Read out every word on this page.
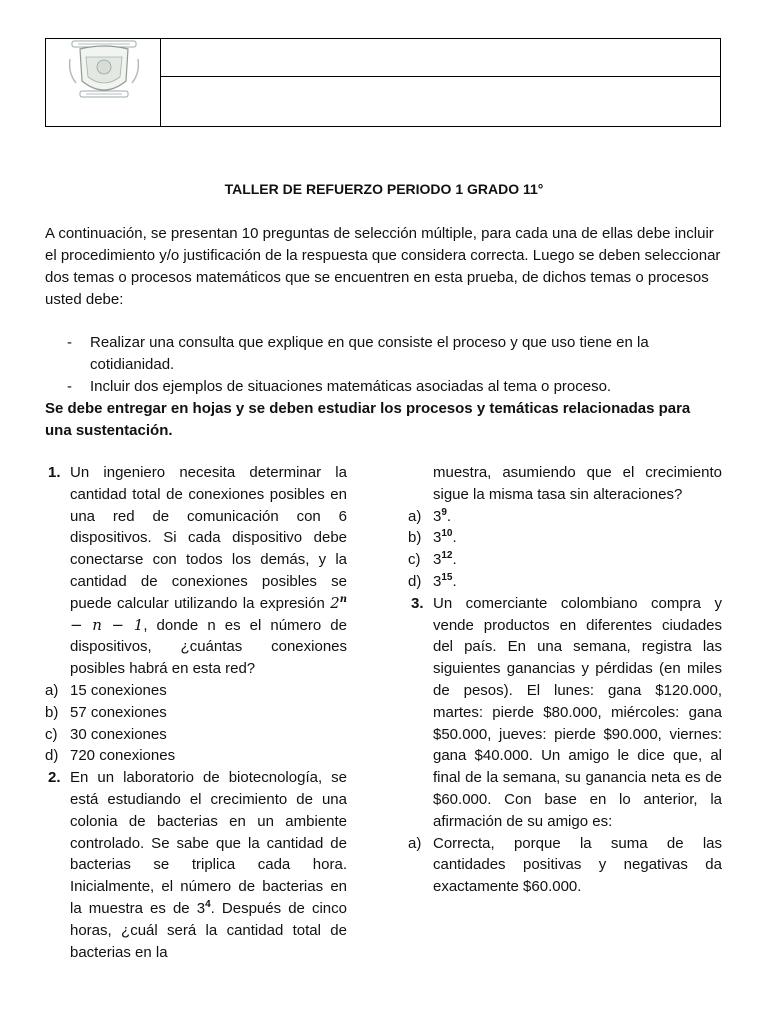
TALLER DE REFUERZO PERIODO 1 GRADO 11°

A continuación, se presentan 10 preguntas de selección múltiple, para cada una de ellas debe incluir el procedimiento y/o justificación de la respuesta que considera correcta. Luego se deben seleccionar dos temas o procesos matemáticos que se encuentren en esta prueba, de dichos temas o procesos usted debe:

- Realizar una consulta que explique en que consiste el proceso y que uso tiene en la cotidianidad.
- Incluir dos ejemplos de situaciones matemáticas asociadas al tema o proceso.

Se debe entregar en hojas y se deben estudiar los procesos y temáticas relacionadas para una sustentación.

1. Un ingeniero necesita determinar la cantidad total de conexiones posibles en una red de comunicación con 6 dispositivos. Si cada dispositivo debe conectarse con todos los demás, y la cantidad de conexiones posibles se puede calcular utilizando la expresión $2^n - n - 1$, donde n es el número de dispositivos, ¿cuántas conexiones posibles habrá en esta red?
a) 15 conexiones
b) 57 conexiones
c) 30 conexiones
d) 720 conexiones
2. En un laboratorio de biotecnología, se está estudiando el crecimiento de una colonia de bacterias en un ambiente controlado. Se sabe que la cantidad de bacterias se triplica cada hora. Inicialmente, el número de bacterias en la muestra es de $3^4$. Después de cinco horas, ¿cuál será la cantidad total de bacterias en la
muestra, asumiendo que el crecimiento sigue la misma tasa sin alteraciones?
a) $3^9$.
b) $3^{10}$.
c) $3^{12}$.
d) $3^{15}$.
3. Un comerciante colombiano compra y vende productos en diferentes ciudades del país. En una semana, registra las siguientes ganancias y pérdidas (en miles de pesos). El lunes: gana $120.000, martes: pierde $80.000, miércoles: gana $50.000, jueves: pierde $90.000, viernes: gana $40.000. Un amigo le dice que, al final de la semana, su ganancia neta es de $60.000. Con base en lo anterior, la afirmación de su amigo es:
a) Correcta, porque la suma de las cantidades positivas y negativas da exactamente $60.000.
